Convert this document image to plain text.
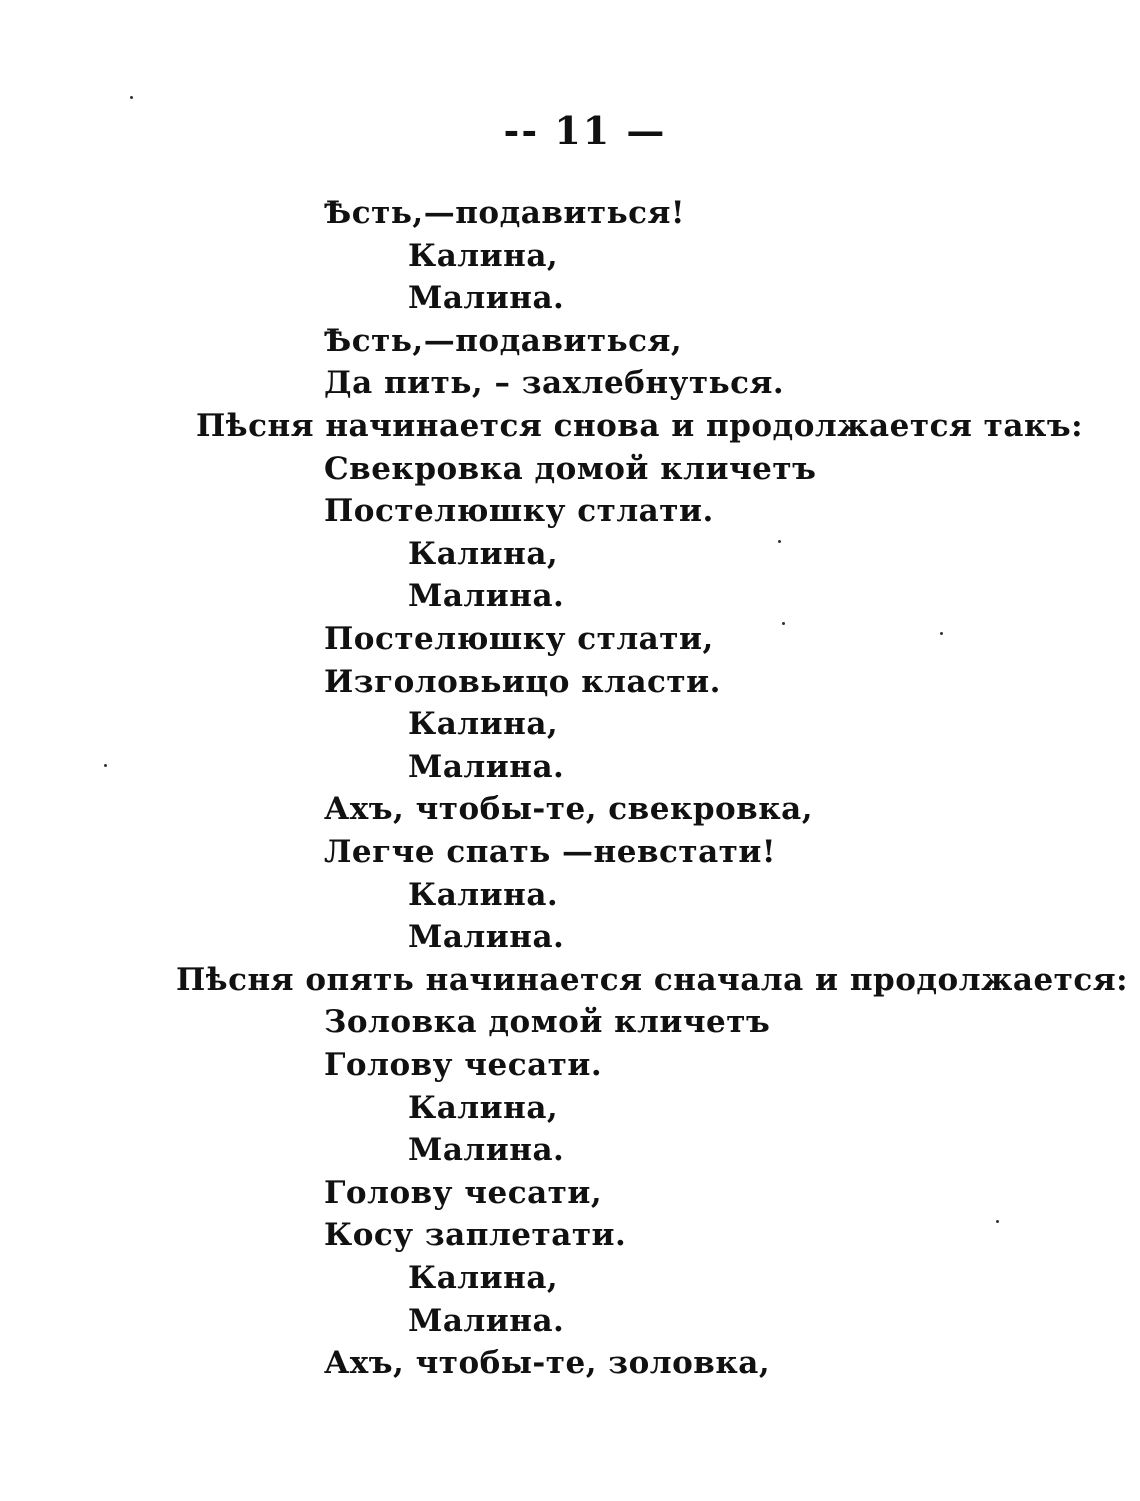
-- 11 —
Ѣсть,—подавиться!
Калина,
Малина.
Ѣсть,—подавиться,
Да пить, – захлебнуться.
Пѣсня начинается снова и продолжается такъ:
Свекровка домой кличетъ
Постелюшку стлати.
Калина,
Малина.
Постелюшку стлати,
Изголовьицо класти.
Калина,
Малина.
Ахъ, чтобы-те, свекровка,
Легче спать —невстати!
Калина.
Малина.
Пѣсня опять начинается сначала и продолжается:
Золовка домой кличетъ
Голову чесати.
Калина,
Малина.
Голову чесати,
Косу заплетати.
Калина,
Малина.
Ахъ, чтобы-те, золовка,
